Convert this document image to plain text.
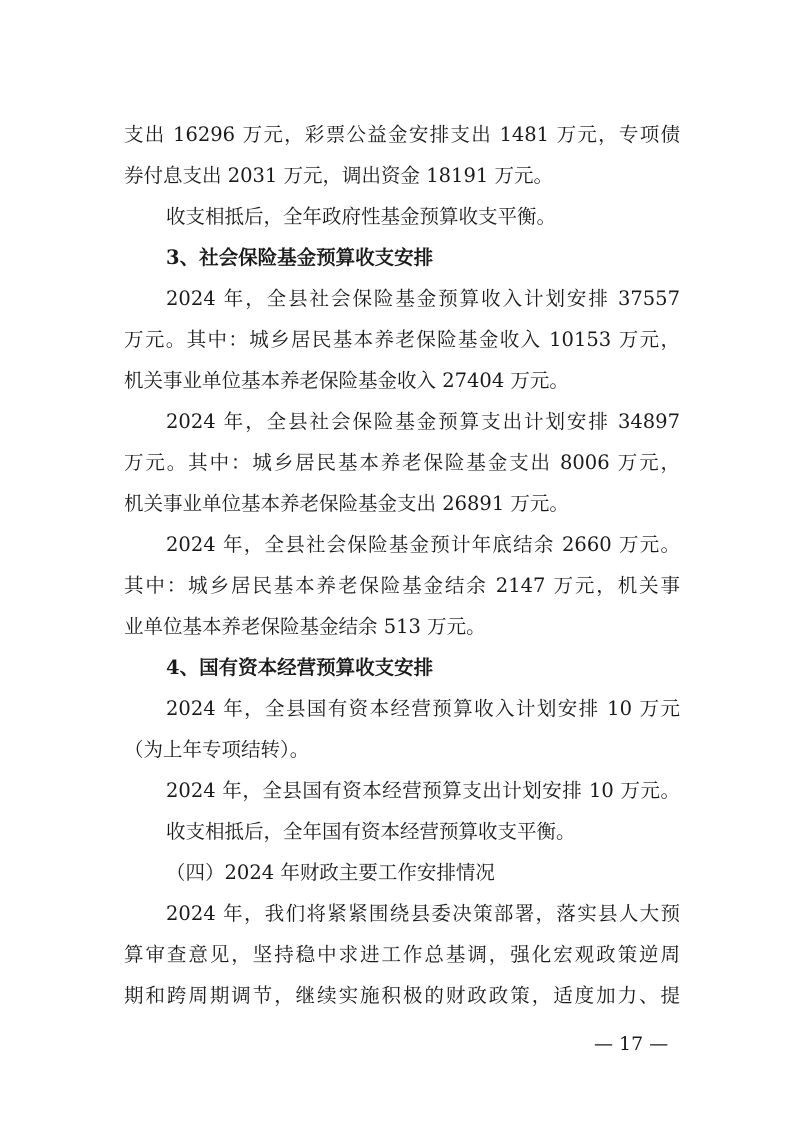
支出 16296 万元，彩票公益金安排支出 1481 万元，专项债
券付息支出 2031 万元，调出资金 18191 万元。
收支相抵后，全年政府性基金预算收支平衡。
3、社会保险基金预算收支安排
2024 年，全县社会保险基金预算收入计划安排 37557
万元。其中：城乡居民基本养老保险基金收入 10153 万元，
机关事业单位基本养老保险基金收入 27404 万元。
2024 年，全县社会保险基金预算支出计划安排 34897
万元。其中：城乡居民基本养老保险基金支出 8006 万元，
机关事业单位基本养老保险基金支出 26891 万元。
2024 年，全县社会保险基金预计年底结余 2660 万元。
其中：城乡居民基本养老保险基金结余 2147 万元，机关事
业单位基本养老保险基金结余 513 万元。
4、国有资本经营预算收支安排
2024 年，全县国有资本经营预算收入计划安排 10 万元
（为上年专项结转）。
2024 年，全县国有资本经营预算支出计划安排 10 万元。
收支相抵后，全年国有资本经营预算收支平衡。
（四）2024 年财政主要工作安排情况
2024 年，我们将紧紧围绕县委决策部署，落实县人大预
算审查意见，坚持稳中求进工作总基调，强化宏观政策逆周
期和跨周期调节，继续实施积极的财政政策，适度加力、提
— 17 —
